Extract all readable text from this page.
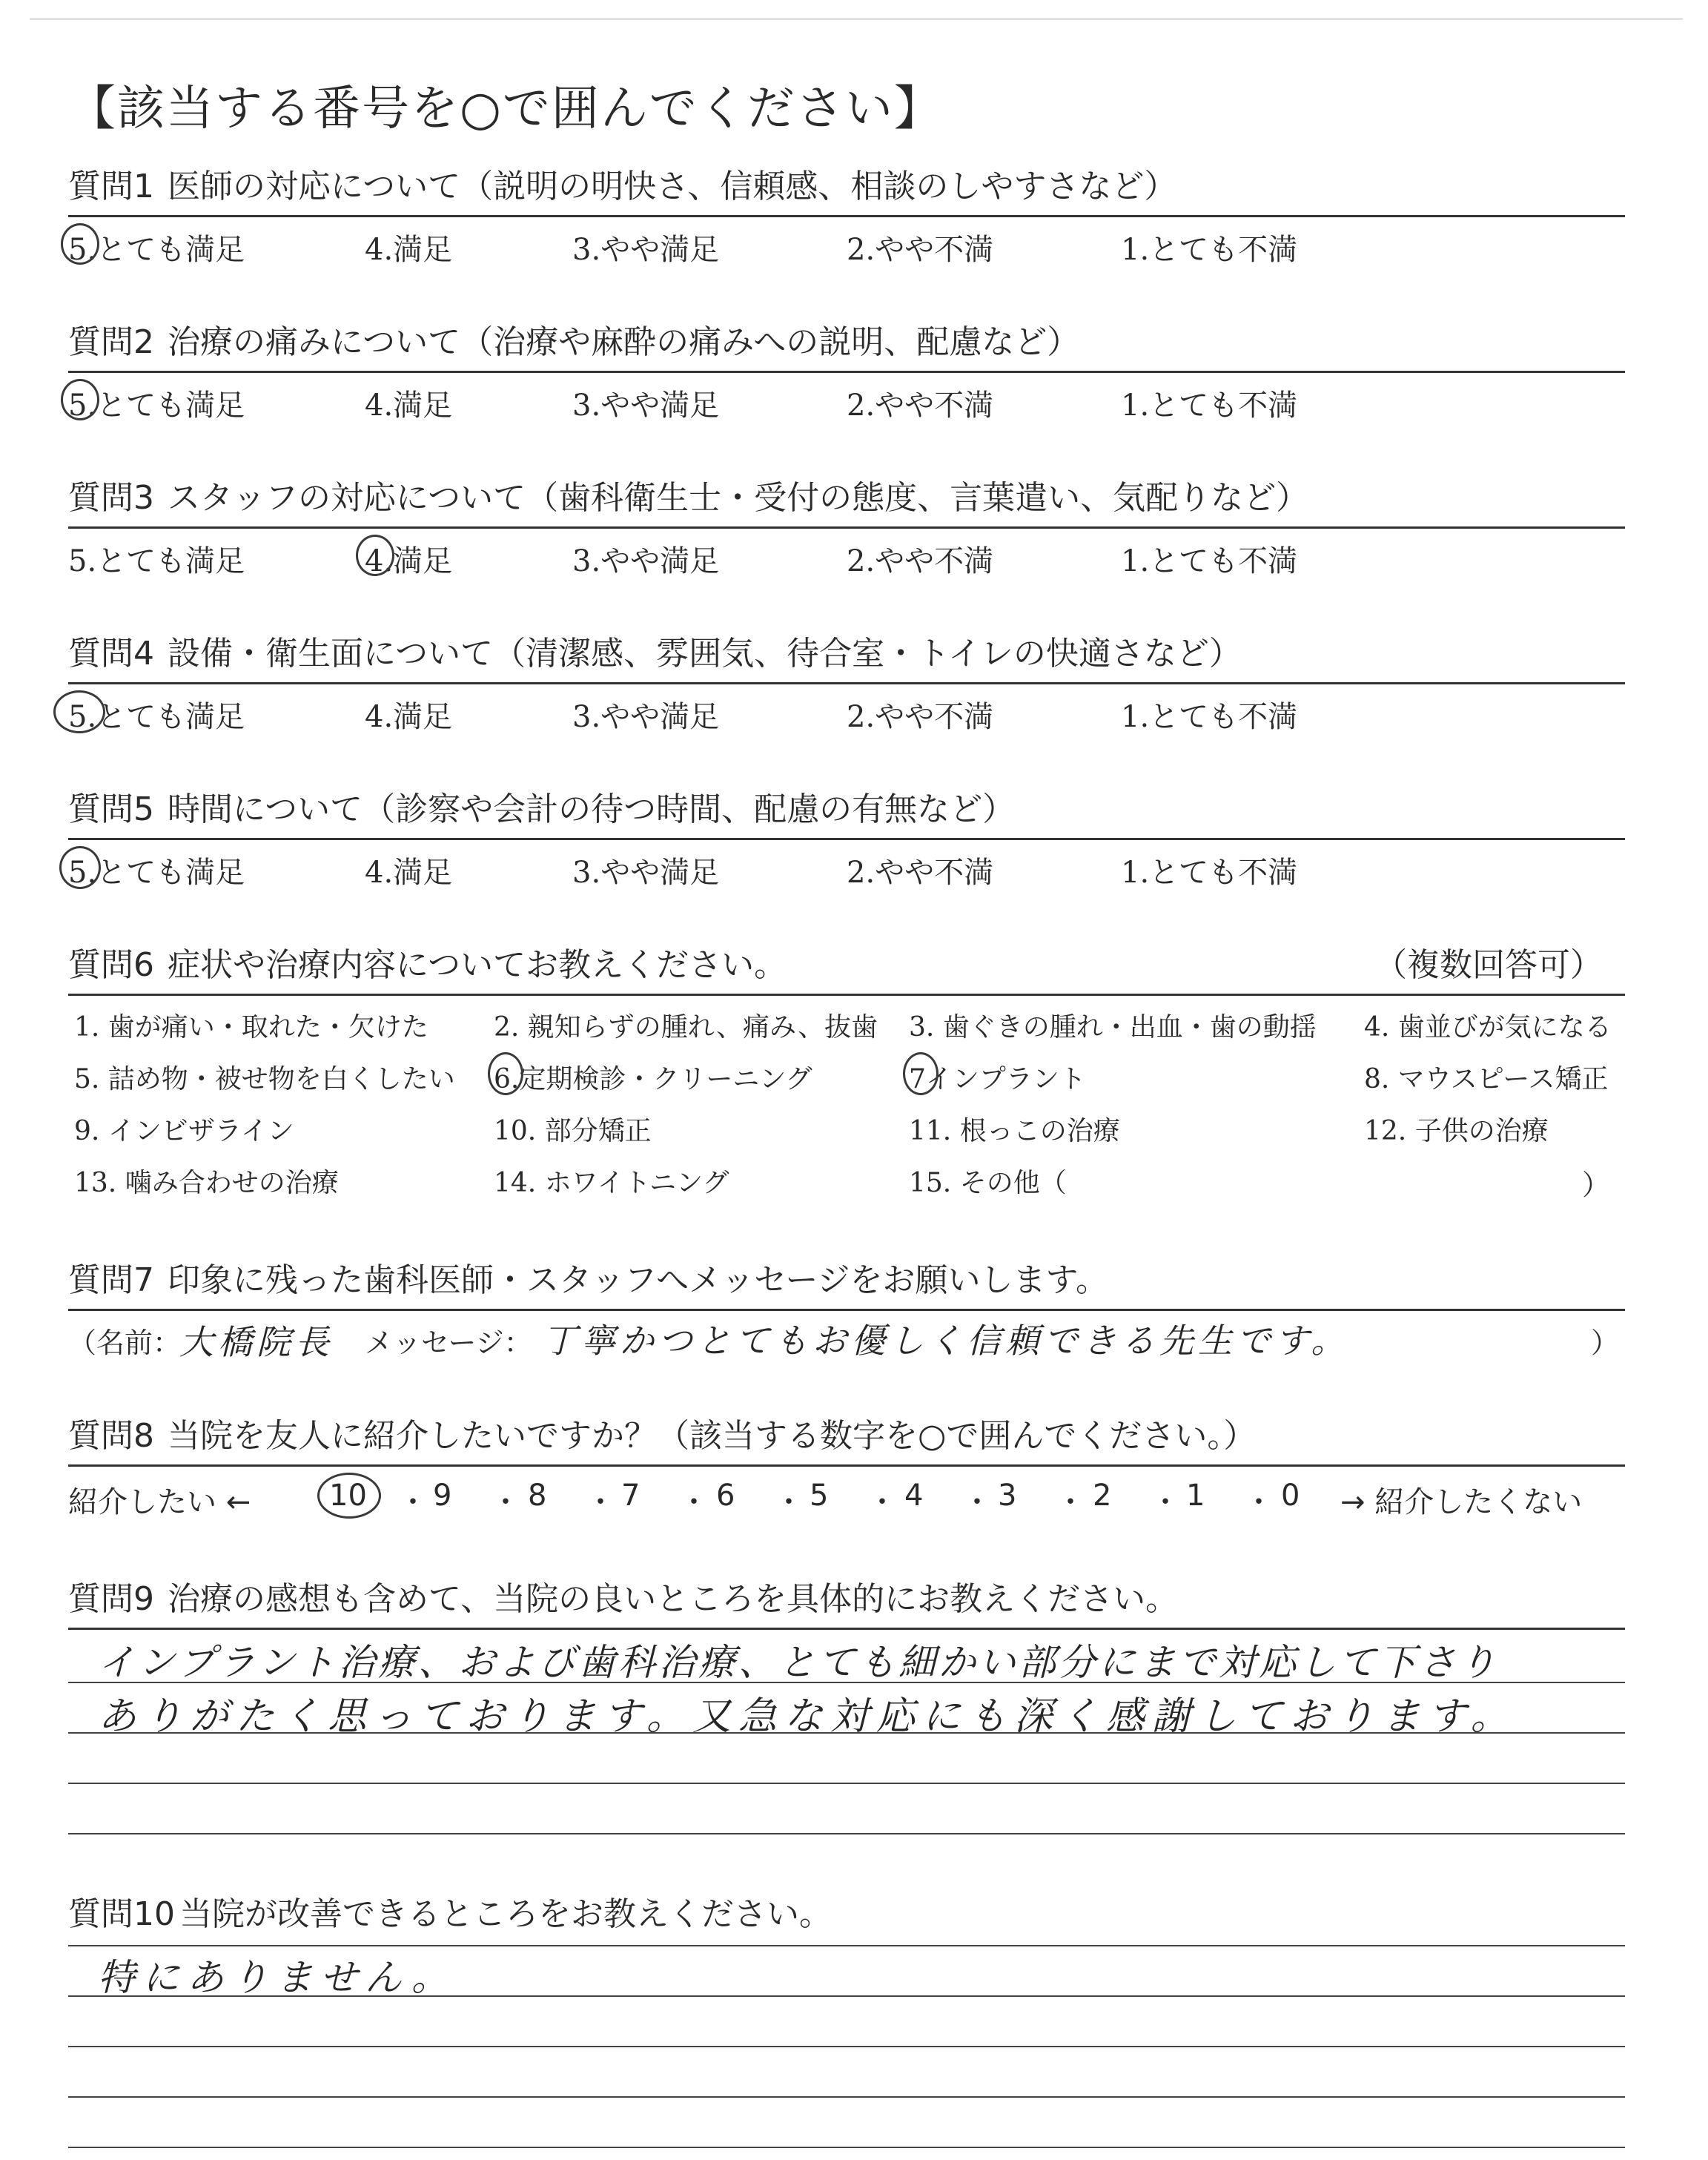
【該当する番号を○で囲んでください】
質問1 医師の対応について（説明の明快さ、信頼感、相談のしやすさなど）
5.とても満足	4.満足	3.やや満足	2.やや不満	1.とても不満
質問2 治療の痛みについて（治療や麻酔の痛みへの説明、配慮など）
5.とても満足	4.満足	3.やや満足	2.やや不満	1.とても不満
質問3 スタッフの対応について（歯科衛生士・受付の態度、言葉遣い、気配りなど）
5.とても満足	4.満足	3.やや満足	2.やや不満	1.とても不満
質問4 設備・衛生面について（清潔感、雰囲気、待合室・トイレの快適さなど）
5.とても満足	4.満足	3.やや満足	2.やや不満	1.とても不満
質問5 時間について（診察や会計の待つ時間、配慮の有無など）
5.とても満足	4.満足	3.やや満足	2.やや不満	1.とても不満
質問6 症状や治療内容についてお教えください。	（複数回答可）
1. 歯が痛い・取れた・欠けた 2. 親知らずの腫れ、痛み、抜歯 3. 歯ぐきの腫れ・出血・歯の動揺 4. 歯並びが気になる
5. 詰め物・被せ物を白くしたい 6.定期検診・クリーニング	7インプラント	8. マウスピース矯正
9. インビザライン	10. 部分矯正	11. 根っこの治療	12. 子供の治療
13. 噛み合わせの治療	14. ホワイトニング	15. その他（	）
質問7 印象に残った歯科医師・スタッフへメッセージをお願いします。
（名前：
大橋院長 メッセージ： 丁寧かつとてもお優しく信頼できる先生です。	）
質問8 当院を友人に紹介したいですか？（該当する数字を○で囲んでください。）
紹介したい ←	10 ・ 9 ・ 8 ・ 7 ・ 6 ・ 5 ・ 4 ・ 3 ・ 2 ・ 1 ・ 0 → 紹介したくない
質問9 治療の感想も含めて、当院の良いところを具体的にお教えください。
インプラント治療、および歯科治療、とても細かい部分にまで対応して下さり
ありがたく思っております。又急な対応にも深く感謝しております。
質問10 当院が改善できるところをお教えください。
特にありません。
